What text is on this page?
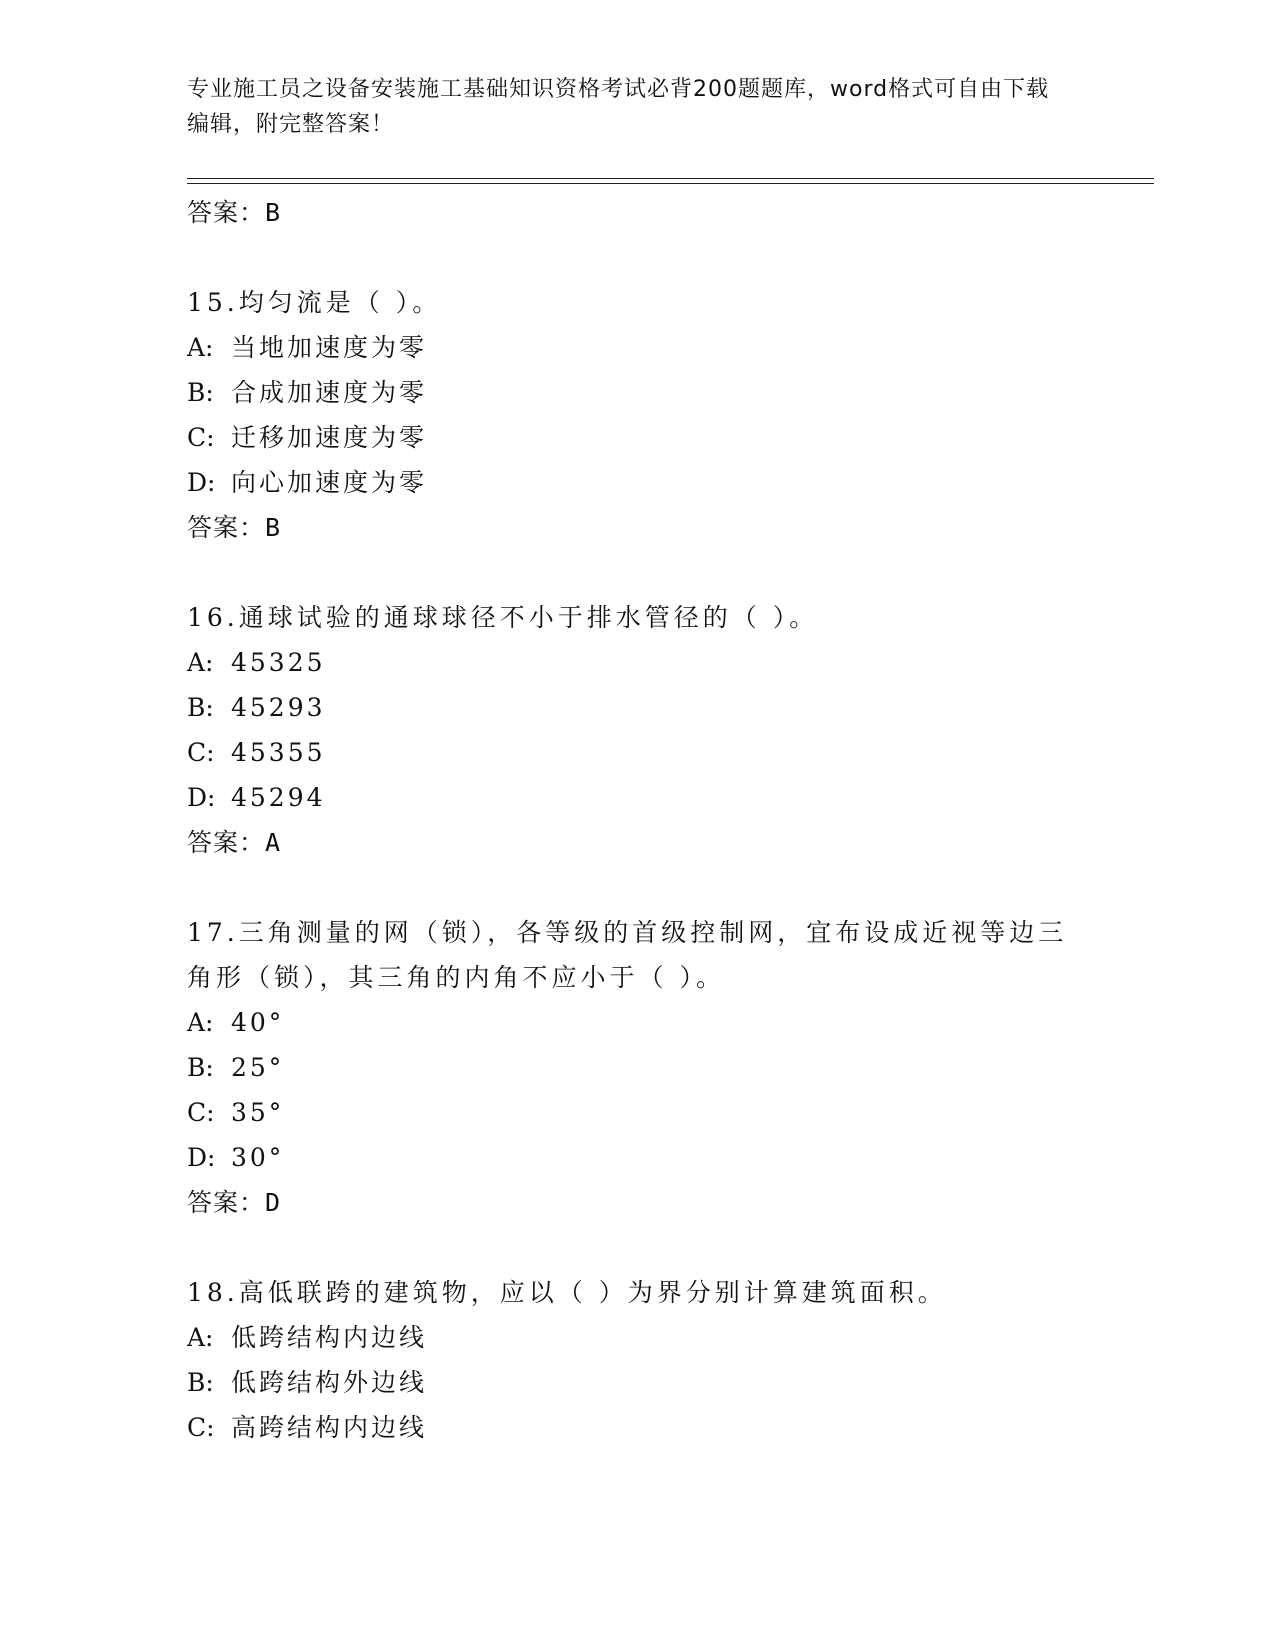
专业施工员之设备安装施工基础知识资格考试必背200题题库，word格式可自由下载编辑，附完整答案！
答案：B
15.均匀流是（ ）。
A: 当地加速度为零
B: 合成加速度为零
C: 迁移加速度为零
D: 向心加速度为零
答案：B
16.通球试验的通球球径不小于排水管径的（ ）。
A: 45325
B: 45293
C: 45355
D: 45294
答案：A
17.三角测量的网（锁），各等级的首级控制网，宜布设成近视等边三角形（锁），其三角的内角不应小于（ ）。
A: 40°
B: 25°
C: 35°
D: 30°
答案：D
18.高低联跨的建筑物，应以（ ）为界分别计算建筑面积。
A: 低跨结构内边线
B: 低跨结构外边线
C: 高跨结构内边线
